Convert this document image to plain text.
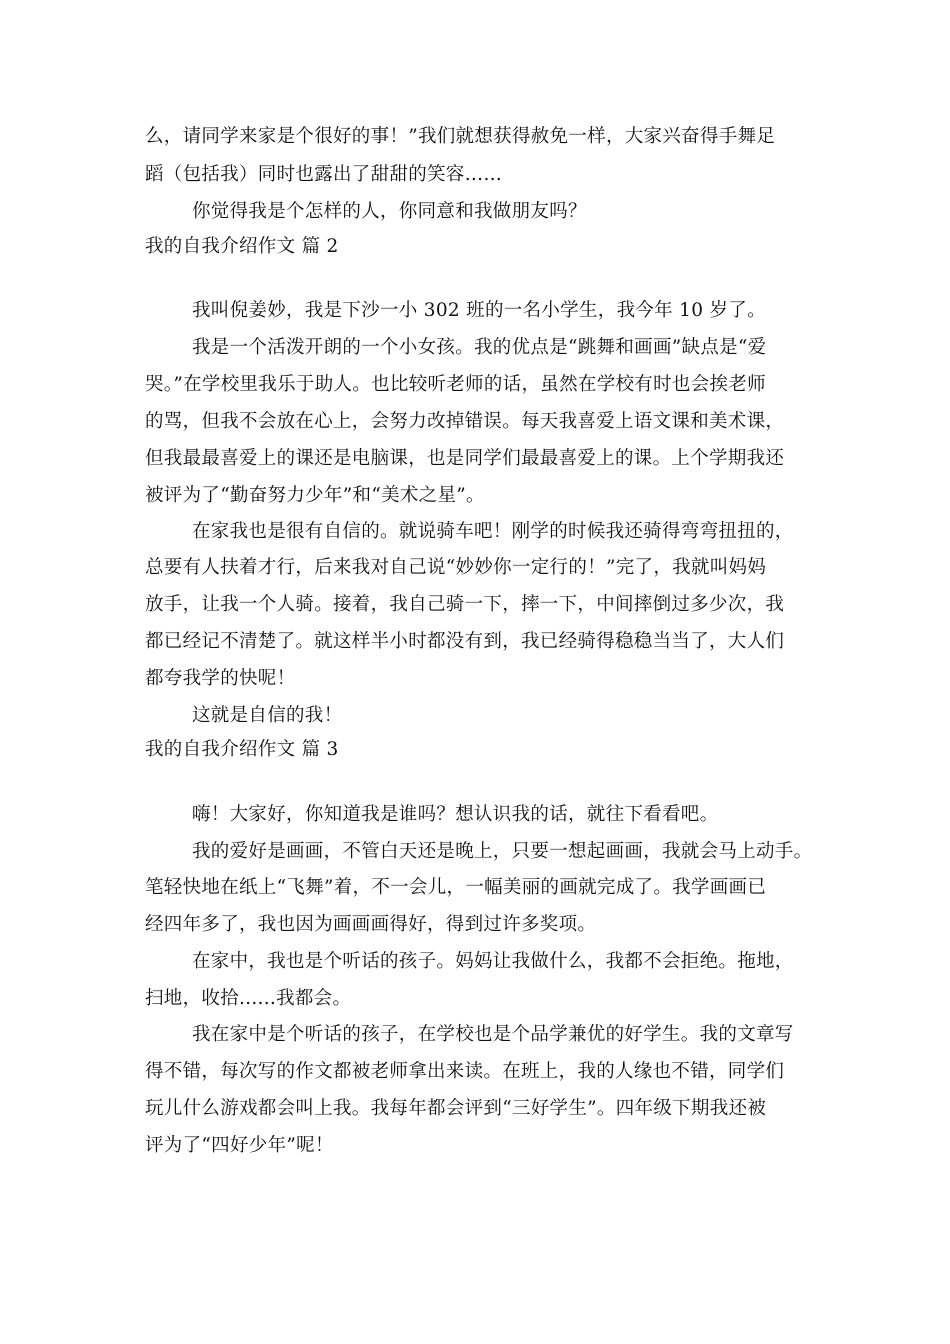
么，请同学来家是个很好的事！”我们就想获得赦免一样，大家兴奋得手舞足
蹈（包括我）同时也露出了甜甜的笑容……
你觉得我是个怎样的人，你同意和我做朋友吗？
我的自我介绍作文 篇 2
我叫倪姜妙，我是下沙一小 302 班的一名小学生，我今年 10 岁了。
我是一个活泼开朗的一个小女孩。我的优点是“跳舞和画画”缺点是“爱
哭。”在学校里我乐于助人。也比较听老师的话，虽然在学校有时也会挨老师
的骂，但我不会放在心上，会努力改掉错误。每天我喜爱上语文课和美术课，
但我最最喜爱上的课还是电脑课，也是同学们最最喜爱上的课。上个学期我还
被评为了“勤奋努力少年”和“美术之星”。
在家我也是很有自信的。就说骑车吧！刚学的时候我还骑得弯弯扭扭的，
总要有人扶着才行，后来我对自己说“妙妙你一定行的！”完了，我就叫妈妈
放手，让我一个人骑。接着，我自己骑一下，摔一下，中间摔倒过多少次，我
都已经记不清楚了。就这样半小时都没有到，我已经骑得稳稳当当了，大人们
都夸我学的快呢！
这就是自信的我！
我的自我介绍作文 篇 3
嗨！大家好，你知道我是谁吗？想认识我的话，就往下看看吧。
我的爱好是画画，不管白天还是晚上，只要一想起画画，我就会马上动手。
笔轻快地在纸上“飞舞”着，不一会儿，一幅美丽的画就完成了。我学画画已
经四年多了，我也因为画画画得好，得到过许多奖项。
在家中，我也是个听话的孩子。妈妈让我做什么，我都不会拒绝。拖地，
扫地，收拾......我都会。
我在家中是个听话的孩子，在学校也是个品学兼优的好学生。我的文章写
得不错，每次写的作文都被老师拿出来读。在班上，我的人缘也不错，同学们
玩儿什么游戏都会叫上我。我每年都会评到“三好学生”。四年级下期我还被
评为了“四好少年”呢！
